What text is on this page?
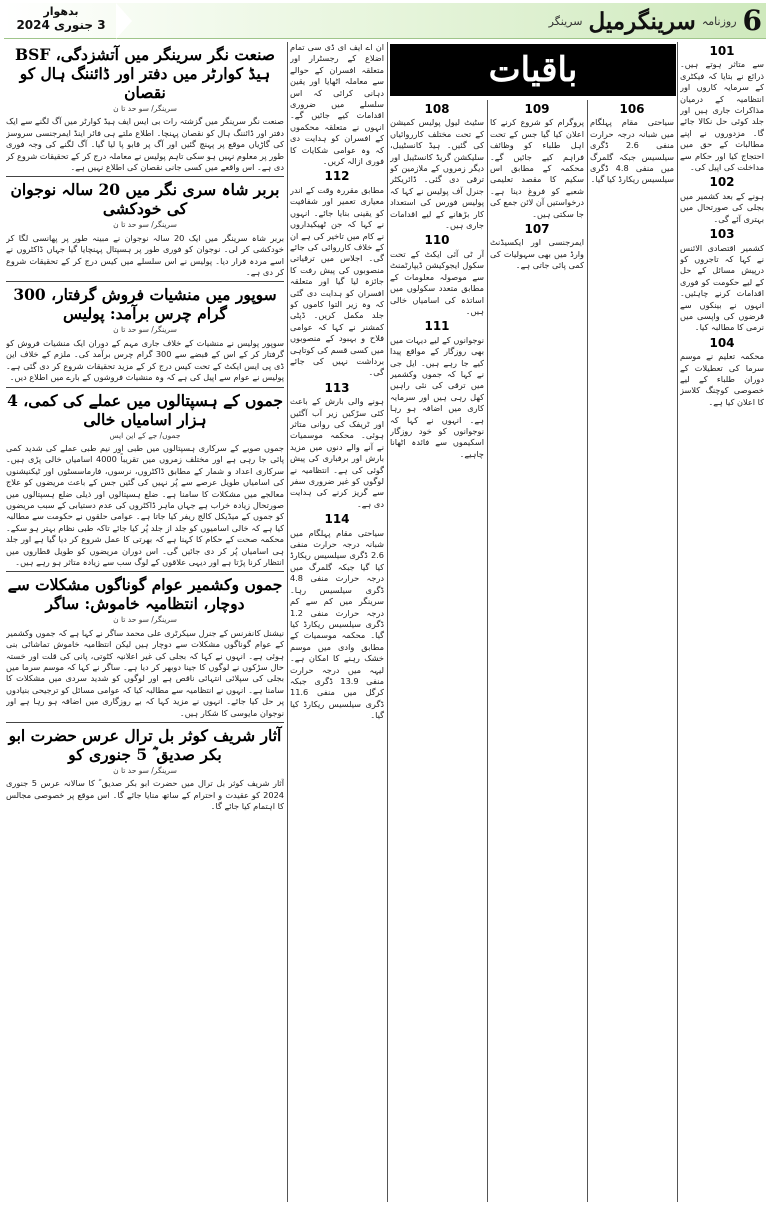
6
روزنامہ
سرینگرمیل
سرینگر
بدھوار
3 جنوری 2024
صنعت نگر سرینگر میں آتشزدگی، BSF ہیڈ کوارٹر میں دفتر اور ڈائننگ ہال کو نقصان
سرینگر/ سو حد تا ن

صنعت نگر سرینگر میں گزشتہ رات بی ایس ایف ہیڈ کوارٹر میں آگ لگنے سے ایک دفتر اور ڈائننگ ہال کو نقصان پہنچا۔ اطلاع ملتے ہی فائر اینڈ ایمرجنسی سروسز کی گاڑیاں موقع پر پہنچ گئیں اور آگ پر قابو پا لیا گیا۔ آگ لگنے کی وجہ فوری طور پر معلوم نہیں ہو سکی تاہم پولیس نے معاملہ درج کر کے تحقیقات شروع کر دی ہے۔ اس واقعے میں کسی جانی نقصان کی اطلاع نہیں ہے۔

بربر شاہ سری نگر میں 20 سالہ نوجوان کی خودکشی
سرینگر/ سو حد تا ن

بربر شاہ سرینگر میں ایک 20 سالہ نوجوان نے مبینہ طور پر پھانسی لگا کر خودکشی کر لی۔ نوجوان کو فوری طور پر ہسپتال پہنچایا گیا جہاں ڈاکٹروں نے اسے مردہ قرار دیا۔ پولیس نے اس سلسلے میں کیس درج کر کے تحقیقات شروع کر دی ہے۔

سوپور میں منشیات فروش گرفتار، 300 گرام چرس برآمد: پولیس
سرینگر/ سو حد تا ن

سوپور پولیس نے منشیات کے خلاف جاری مہم کے دوران ایک منشیات فروش کو گرفتار کر کے اس کے قبضے سے 300 گرام چرس برآمد کی۔ ملزم کے خلاف این ڈی پی ایس ایکٹ کے تحت کیس درج کر کے مزید تحقیقات شروع کر دی گئی ہے۔ پولیس نے عوام سے اپیل کی ہے کہ وہ منشیات فروشوں کے بارے میں اطلاع دیں۔

جموں کے ہسپتالوں میں عملے کی کمی، 4 ہزار اسامیاں خالی
جموں/ جے کے این ایس

جموں صوبے کے سرکاری ہسپتالوں میں طبی اور نیم طبی عملے کی شدید کمی پائی جا رہی ہے اور مختلف زمروں میں تقریباً 4000 اسامیاں خالی پڑی ہیں۔ سرکاری اعداد و شمار کے مطابق ڈاکٹروں، نرسوں، فارماسسٹوں اور ٹیکنیشنوں کی اسامیاں طویل عرصے سے پُر نہیں کی گئیں جس کے باعث مریضوں کو علاج معالجے میں مشکلات کا سامنا ہے۔ ضلع ہسپتالوں اور ذیلی ضلع ہسپتالوں میں صورتحال زیادہ خراب ہے جہاں ماہر ڈاکٹروں کی عدم دستیابی کے سبب مریضوں کو جموں کے میڈیکل کالج ریفر کیا جاتا ہے۔ عوامی حلقوں نے حکومت سے مطالبہ کیا ہے کہ خالی اسامیوں کو جلد از جلد پُر کیا جائے تاکہ طبی نظام بہتر ہو سکے۔ محکمہ صحت کے حکام کا کہنا ہے کہ بھرتی کا عمل شروع کر دیا گیا ہے اور جلد ہی اسامیاں پُر کر دی جائیں گی۔ اس دوران مریضوں کو طویل قطاروں میں انتظار کرنا پڑتا ہے اور دیہی علاقوں کے لوگ سب سے زیادہ متاثر ہو رہے ہیں۔

جموں وکشمیر عوام گوناگوں مشکلات سے دوچار، انتظامیہ خاموش: ساگر
سرینگر/ سو حد تا ن

نیشنل کانفرنس کے جنرل سیکرٹری علی محمد ساگر نے کہا ہے کہ جموں وکشمیر کے عوام گوناگوں مشکلات سے دوچار ہیں لیکن انتظامیہ خاموش تماشائی بنی ہوئی ہے۔ انہوں نے کہا کہ بجلی کی غیر اعلانیہ کٹوتی، پانی کی قلت اور خستہ حال سڑکوں نے لوگوں کا جینا دوبھر کر دیا ہے۔ ساگر نے کہا کہ موسم سرما میں بجلی کی سپلائی انتہائی ناقص ہے اور لوگوں کو شدید سردی میں مشکلات کا سامنا ہے۔ انہوں نے انتظامیہ سے مطالبہ کیا کہ عوامی مسائل کو ترجیحی بنیادوں پر حل کیا جائے۔ انہوں نے مزید کہا کہ بے روزگاری میں اضافہ ہو رہا ہے اور نوجوان مایوسی کا شکار ہیں۔

آثار شریف کوثر بل ترال عرس حضرت ابو بکر صدیق ؓ 5 جنوری کو
سرینگر/ سو حد تا ن

آثار شریف کوثر بل ترال میں حضرت ابو بکر صدیق ؓ کا سالانہ عرس 5 جنوری 2024 کو عقیدت و احترام کے ساتھ منایا جائے گا۔ اس موقع پر خصوصی مجالس کا اہتمام کیا جائے گا۔

باقیات

ان اے ایف ای ڈی سی تمام اضلاع کے رجسٹرار اور متعلقہ افسران کے حوالے سے معاملہ اٹھایا اور یقین دہانی کرائی کہ اس سلسلے میں ضروری اقدامات کیے جائیں گے۔ انہوں نے متعلقہ محکموں کے افسران کو ہدایت دی کہ وہ عوامی شکایات کا فوری ازالہ کریں۔

112

مطابق مقررہ وقت کے اندر معیاری تعمیر اور شفافیت کو یقینی بنایا جائے۔ انہوں نے کہا کہ جن ٹھیکیداروں نے کام میں تاخیر کی ہے ان کے خلاف کارروائی کی جائے گی۔ اجلاس میں ترقیاتی منصوبوں کی پیش رفت کا جائزہ لیا گیا اور متعلقہ افسران کو ہدایت دی گئی کہ وہ زیر التوا کاموں کو جلد مکمل کریں۔ ڈپٹی کمشنر نے کہا کہ عوامی فلاح و بہبود کے منصوبوں میں کسی قسم کی کوتاہی برداشت نہیں کی جائے گی۔

113

ہونے والی بارش کے باعث کئی سڑکیں زیر آب آگئیں اور ٹریفک کی روانی متاثر ہوئی۔ محکمہ موسمیات نے آنے والے دنوں میں مزید بارش اور برفباری کی پیش گوئی کی ہے۔ انتظامیہ نے لوگوں کو غیر ضروری سفر سے گریز کرنے کی ہدایت دی ہے۔

114

سیاحتی مقام پہلگام میں شبانہ درجہ حرارت منفی 2.6 ڈگری سیلسیس ریکارڈ کیا گیا جبکہ گلمرگ میں درجہ حرارت منفی 4.8 ڈگری سیلسیس رہا۔ سرینگر میں کم سے کم درجہ حرارت منفی 1.2 ڈگری سیلسیس ریکارڈ کیا گیا۔ محکمہ موسمیات کے مطابق وادی میں موسم خشک رہنے کا امکان ہے۔ لیہہ میں درجہ حرارت منفی 13.9 ڈگری جبکہ کرگل میں منفی 11.6 ڈگری سیلسیس ریکارڈ کیا گیا۔

108

سٹیٹ لیول پولیس کمیشن کے تحت مختلف کارروائیاں کی گئیں۔ ہیڈ کانسٹیبل، سلیکشن گریڈ کانسٹیبل اور دیگر زمروں کے ملازمین کو ترقی دی گئی۔ ڈائریکٹر جنرل آف پولیس نے کہا کہ پولیس فورس کی استعداد کار بڑھانے کے لیے اقدامات جاری ہیں۔

110

آر ٹی آئی ایکٹ کے تحت سکول ایجوکیشن ڈیپارٹمنٹ سے موصولہ معلومات کے مطابق متعدد سکولوں میں اساتذہ کی اسامیاں خالی ہیں۔

111

نوجوانوں کے لیے دیہات میں بھی روزگار کے مواقع پیدا کیے جا رہے ہیں۔ ایل جی نے کہا کہ جموں وکشمیر میں ترقی کی نئی راہیں کھل رہی ہیں اور سرمایہ کاری میں اضافہ ہو رہا ہے۔ انہوں نے کہا کہ نوجوانوں کو خود روزگار اسکیموں سے فائدہ اٹھانا چاہیے۔

109

پروگرام کو شروع کرنے کا اعلان کیا گیا جس کے تحت اہل طلباء کو وظائف فراہم کیے جائیں گے۔ محکمہ کے مطابق اس سکیم کا مقصد تعلیمی شعبے کو فروغ دینا ہے۔ درخواستیں آن لائن جمع کی جا سکتی ہیں۔

107

ایمرجنسی اور ایکسیڈنٹ وارڈ میں بھی سہولیات کی کمی پائی جاتی ہے۔

106

سیاحتی مقام پہلگام میں شبانہ درجہ حرارت منفی 2.6 ڈگری سیلسیس جبکہ گلمرگ میں منفی 4.8 ڈگری سیلسیس ریکارڈ کیا گیا۔

101

سے متاثر ہوتے ہیں۔ ذرائع نے بتایا کہ فیکٹری کے سرمایہ کاروں اور انتظامیہ کے درمیان مذاکرات جاری ہیں اور جلد کوئی حل نکالا جائے گا۔ مزدوروں نے اپنے مطالبات کے حق میں احتجاج کیا اور حکام سے مداخلت کی اپیل کی۔

102

ہونے کے بعد کشمیر میں بجلی کی صورتحال میں بہتری آئے گی۔

103

کشمیر اقتصادی الائنس نے کہا کہ تاجروں کو درپیش مسائل کے حل کے لیے حکومت کو فوری اقدامات کرنے چاہئیں۔ انہوں نے بینکوں سے قرضوں کی واپسی میں نرمی کا مطالبہ کیا۔

104

محکمہ تعلیم نے موسم سرما کی تعطیلات کے دوران طلباء کے لیے خصوصی کوچنگ کلاسز کا اعلان کیا ہے۔
